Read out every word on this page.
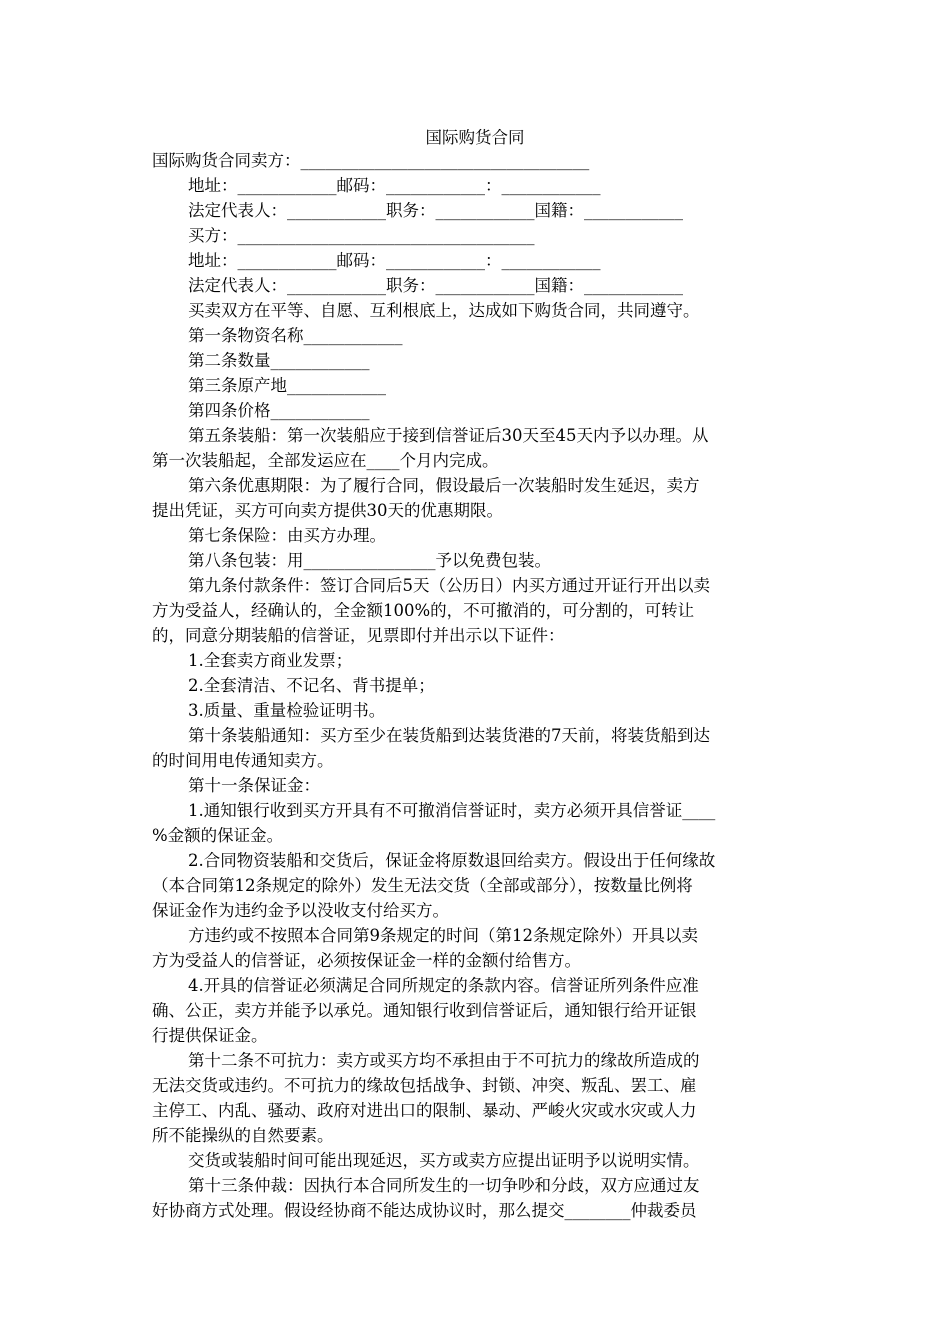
国际购货合同
国际购货合同卖方：___________________________________
地址：____________邮码：____________：____________
法定代表人：____________职务：____________国籍：____________
买方：____________________________________
地址：____________邮码：____________：____________
法定代表人：____________职务：____________国籍：____________
买卖双方在平等、自愿、互利根底上，达成如下购货合同，共同遵守。
第一条物资名称____________
第二条数量____________
第三条原产地____________
第四条价格____________
第五条装船：第一次装船应于接到信誉证后30天至45天内予以办理。从
第一次装船起，全部发运应在____个月内完成。
第六条优惠期限：为了履行合同，假设最后一次装船时发生延迟，卖方
提出凭证，买方可向卖方提供30天的优惠期限。
第七条保险：由买方办理。
第八条包装：用________________予以免费包装。
第九条付款条件：签订合同后5天（公历日）内买方通过开证行开出以卖
方为受益人，经确认的，全金额100%的，不可撤消的，可分割的，可转让
的，同意分期装船的信誉证，见票即付并出示以下证件：
1.全套卖方商业发票；
2.全套清洁、不记名、背书提单；
3.质量、重量检验证明书。
第十条装船通知：买方至少在装货船到达装货港的7天前，将装货船到达
的时间用电传通知卖方。
第十一条保证金：
1.通知银行收到买方开具有不可撤消信誉证时，卖方必须开具信誉证____
%金额的保证金。
2.合同物资装船和交货后，保证金将原数退回给卖方。假设出于任何缘故
（本合同第12条规定的除外）发生无法交货（全部或部分），按数量比例将
保证金作为违约金予以没收支付给买方。
方违约或不按照本合同第9条规定的时间（第12条规定除外）开具以卖
方为受益人的信誉证，必须按保证金一样的金额付给售方。
4.开具的信誉证必须满足合同所规定的条款内容。信誉证所列条件应准
确、公正，卖方并能予以承兑。通知银行收到信誉证后，通知银行给开证银
行提供保证金。
第十二条不可抗力：卖方或买方均不承担由于不可抗力的缘故所造成的
无法交货或违约。不可抗力的缘故包括战争、封锁、冲突、叛乱、罢工、雇
主停工、内乱、骚动、政府对进出口的限制、暴动、严峻火灾或水灾或人力
所不能操纵的自然要素。
交货或装船时间可能出现延迟，买方或卖方应提出证明予以说明实情。
第十三条仲裁：因执行本合同所发生的一切争吵和分歧，双方应通过友
好协商方式处理。假设经协商不能达成协议时，那么提交________仲裁委员
